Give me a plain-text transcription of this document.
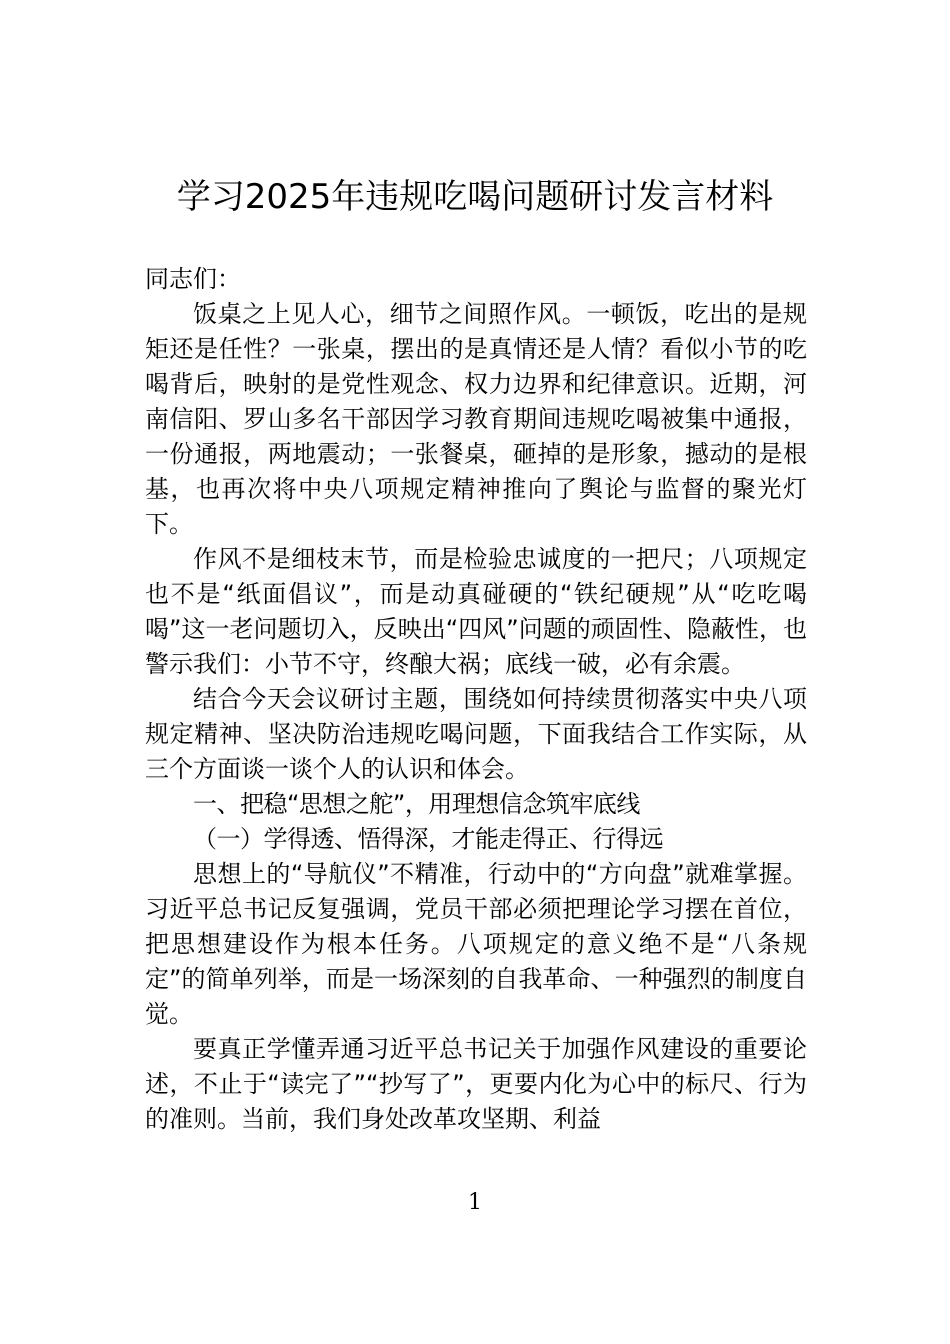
学习2025年违规吃喝问题研讨发言材料

同志们：

饭桌之上见人心，细节之间照作风。一顿饭，吃出的是规矩还是任性？一张桌，摆出的是真情还是人情？看似小节的吃喝背后，映射的是党性观念、权力边界和纪律意识。近期，河南信阳、罗山多名干部因学习教育期间违规吃喝被集中通报，一份通报，两地震动；一张餐桌，砸掉的是形象，撼动的是根基，也再次将中央八项规定精神推向了舆论与监督的聚光灯下。

作风不是细枝末节，而是检验忠诚度的一把尺；八项规定也不是“纸面倡议”，而是动真碰硬的“铁纪硬规”从“吃吃喝喝”这一老问题切入，反映出“四风”问题的顽固性、隐蔽性，也警示我们：小节不守，终酿大祸；底线一破，必有余震。

结合今天会议研讨主题，围绕如何持续贯彻落实中央八项规定精神、坚决防治违规吃喝问题，下面我结合工作实际，从三个方面谈一谈个人的认识和体会。

一、把稳“思想之舵”，用理想信念筑牢底线

（一）学得透、悟得深，才能走得正、行得远

思想上的“导航仪”不精准，行动中的“方向盘”就难掌握。习近平总书记反复强调，党员干部必须把理论学习摆在首位，把思想建设作为根本任务。八项规定的意义绝不是“八条规定”的简单列举，而是一场深刻的自我革命、一种强烈的制度自觉。

要真正学懂弄通习近平总书记关于加强作风建设的重要论述，不止于“读完了”“抄写了”，更要内化为心中的标尺、行为的准则。当前，我们身处改革攻坚期、利益

1
